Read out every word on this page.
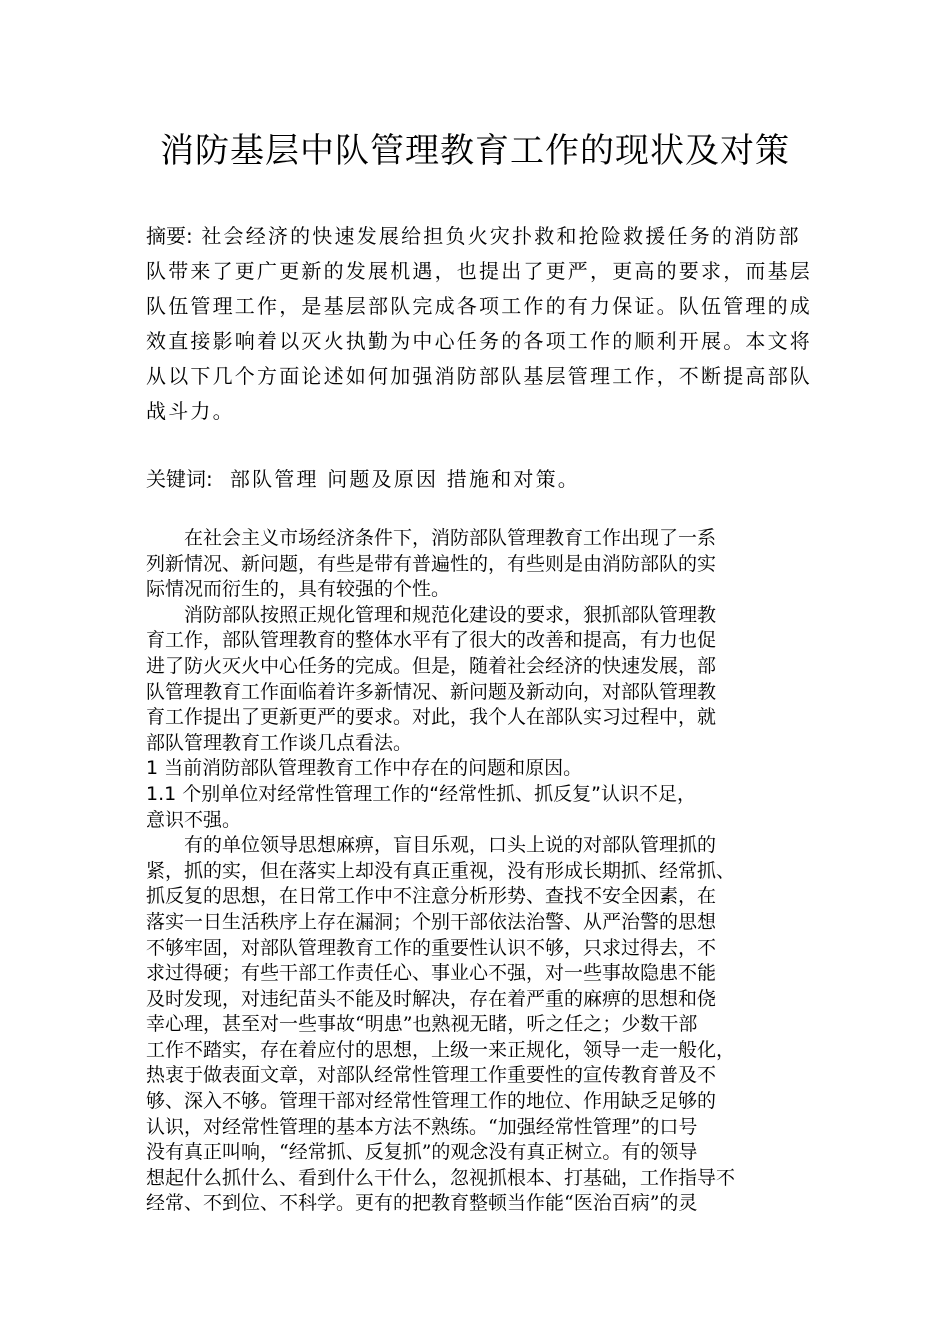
消防基层中队管理教育工作的现状及对策
摘要: 社会经济的快速发展给担负火灾扑救和抢险救援任务的消防部
队带来了更广更新的发展机遇，也提出了更严，更高的要求，而基层
队伍管理工作，是基层部队完成各项工作的有力保证。队伍管理的成
效直接影响着以灭火执勤为中心任务的各项工作的顺利开展。本文将
从以下几个方面论述如何加强消防部队基层管理工作，不断提高部队
战斗力。
关键词: 部队管理 问题及原因 措施和对策。
　　在社会主义市场经济条件下，消防部队管理教育工作出现了一系
列新情况、新问题，有些是带有普遍性的，有些则是由消防部队的实
际情况而衍生的，具有较强的个性。
　　消防部队按照正规化管理和规范化建设的要求，狠抓部队管理教
育工作，部队管理教育的整体水平有了很大的改善和提高，有力也促
进了防火灭火中心任务的完成。但是，随着社会经济的快速发展，部
队管理教育工作面临着许多新情况、新问题及新动向，对部队管理教
育工作提出了更新更严的要求。对此，我个人在部队实习过程中，就
部队管理教育工作谈几点看法。
1 当前消防部队管理教育工作中存在的问题和原因。
1.1 个别单位对经常性管理工作的“经常性抓、抓反复”认识不足，
意识不强。
　　有的单位领导思想麻痹，盲目乐观，口头上说的对部队管理抓的
紧，抓的实，但在落实上却没有真正重视，没有形成长期抓、经常抓、
抓反复的思想，在日常工作中不注意分析形势、查找不安全因素，在
落实一日生活秩序上存在漏洞；个别干部依法治警、从严治警的思想
不够牢固，对部队管理教育工作的重要性认识不够，只求过得去，不
求过得硬；有些干部工作责任心、事业心不强，对一些事故隐患不能
及时发现，对违纪苗头不能及时解决，存在着严重的麻痹的思想和侥
幸心理，甚至对一些事故“明患”也熟视无睹，听之任之；少数干部
工作不踏实，存在着应付的思想，上级一来正规化，领导一走一般化，
热衷于做表面文章，对部队经常性管理工作重要性的宣传教育普及不
够、深入不够。管理干部对经常性管理工作的地位、作用缺乏足够的
认识，对经常性管理的基本方法不熟练。“加强经常性管理”的口号
没有真正叫响，“经常抓、反复抓”的观念没有真正树立。有的领导
想起什么抓什么、看到什么干什么，忽视抓根本、打基础，工作指导不
经常、不到位、不科学。更有的把教育整顿当作能“医治百病”的灵
